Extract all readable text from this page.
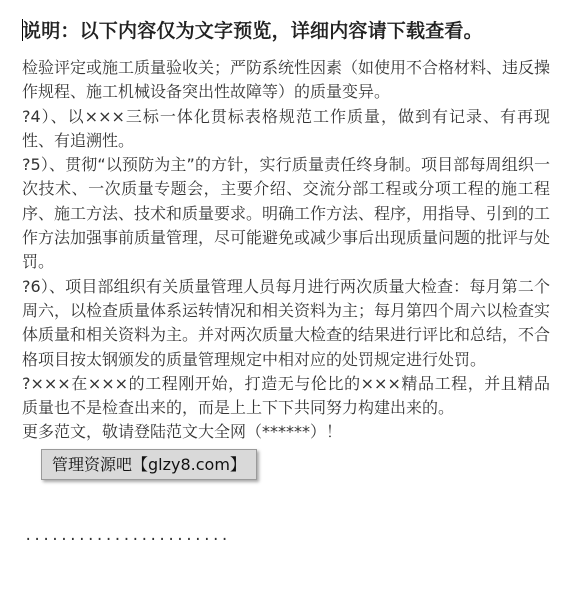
说明：以下内容仅为文字预览，详细内容请下载查看。

检验评定或施工质量验收关；严防系统性因素（如使用不合格材料、违反操作规程、施工机械设备突出性故障等）的质量变异。

?4）、以×××三标一体化贯标表格规范工作质量，做到有记录、有再现性、有追溯性。

?5）、贯彻“以预防为主”的方针，实行质量责任终身制。项目部每周组织一次技术、一次质量专题会，主要介绍、交流分部工程或分项工程的施工程序、施工方法、技术和质量要求。明确工作方法、程序，用指导、引到的工作方法加强事前质量管理，尽可能避免或减少事后出现质量问题的批评与处罚。

?6）、项目部组织有关质量管理人员每月进行两次质量大检查：每月第二个周六，以检查质量体系运转情况和相关资料为主；每月第四个周六以检查实体质量和相关资料为主。并对两次质量大检查的结果进行评比和总结，不合格项目按太钢颁发的质量管理规定中相对应的处罚规定进行处罚。

?×××在×××的工程刚开始，打造无与伦比的×××精品工程，并且精品质量也不是检查出来的，而是上上下下共同努力构建出来的。

更多范文，敬请登陆范文大全网（******）！

·······················
管理资源吧【glzy8.com】
